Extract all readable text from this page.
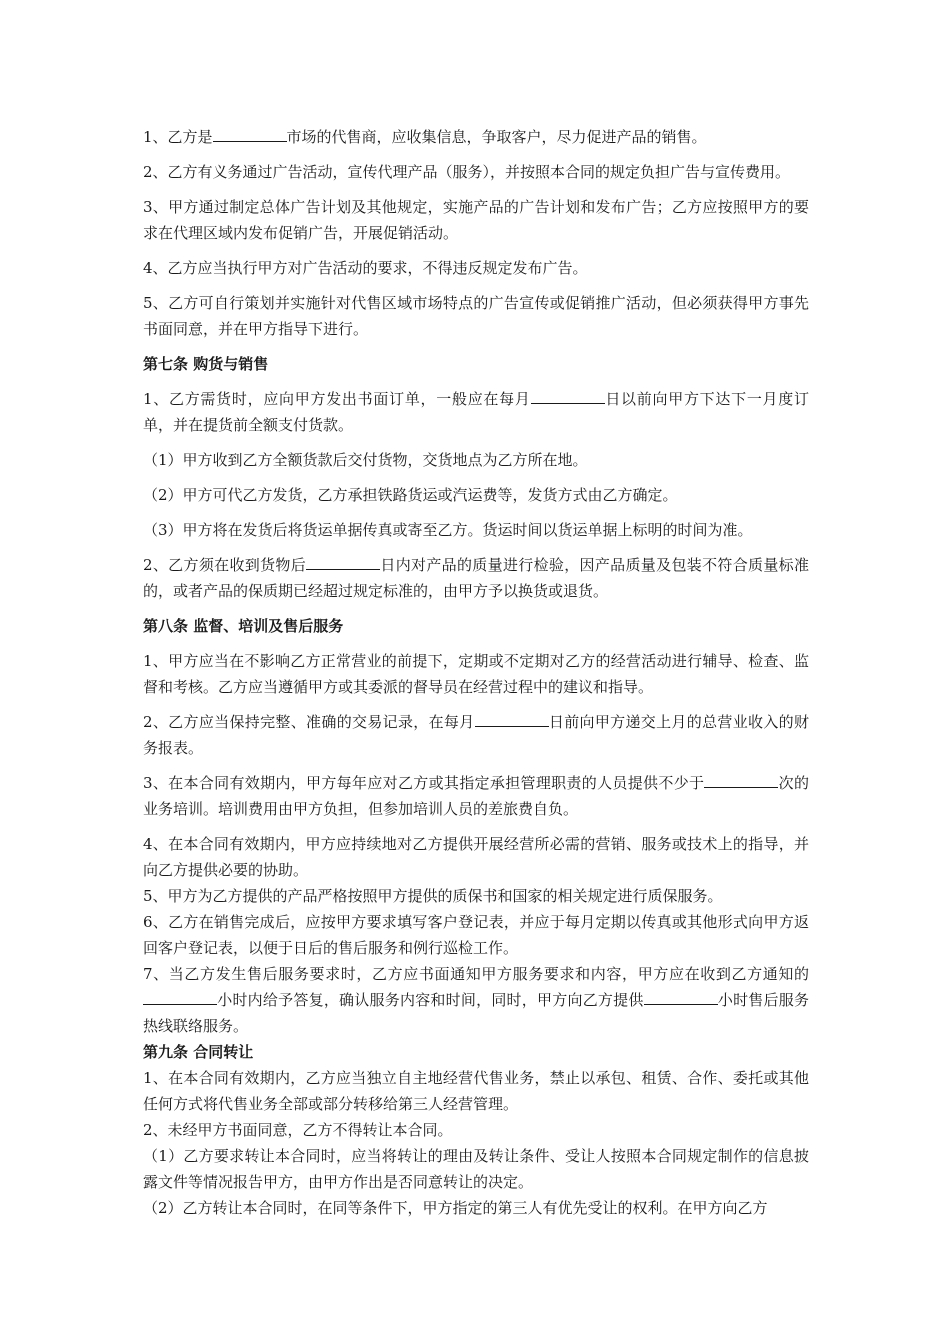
1、乙方是	市场的代售商，应收集信息，争取客户，尽力促进产品的销售。

2、乙方有义务通过广告活动，宣传代理产品（服务），并按照本合同的规定负担广告与宣传费用。

3、甲方通过制定总体广告计划及其他规定，实施产品的广告计划和发布广告；乙方应按照甲方的要求在代理区域内发布促销广告，开展促销活动。

4、乙方应当执行甲方对广告活动的要求，不得违反规定发布广告。

5、乙方可自行策划并实施针对代售区域市场特点的广告宣传或促销推广活动，但必须获得甲方事先书面同意，并在甲方指导下进行。

第七条 购货与销售

1、乙方需货时，应向甲方发出书面订单，一般应在每月	日以前向甲方下达下一月度订单，并在提货前全额支付货款。

（1）甲方收到乙方全额货款后交付货物，交货地点为乙方所在地。

（2）甲方可代乙方发货，乙方承担铁路货运或汽运费等，发货方式由乙方确定。

（3）甲方将在发货后将货运单据传真或寄至乙方。货运时间以货运单据上标明的时间为准。

2、乙方须在收到货物后	日内对产品的质量进行检验，因产品质量及包装不符合质量标准的，或者产品的保质期已经超过规定标准的，由甲方予以换货或退货。

第八条 监督、培训及售后服务

1、甲方应当在不影响乙方正常营业的前提下，定期或不定期对乙方的经营活动进行辅导、检查、监督和考核。乙方应当遵循甲方或其委派的督导员在经营过程中的建议和指导。

2、乙方应当保持完整、准确的交易记录，在每月	日前向甲方递交上月的总营业收入的财务报表。

3、在本合同有效期内，甲方每年应对乙方或其指定承担管理职责的人员提供不少于	次的业务培训。培训费用由甲方负担，但参加培训人员的差旅费自负。

4、在本合同有效期内，甲方应持续地对乙方提供开展经营所必需的营销、服务或技术上的指导，并向乙方提供必要的协助。

5、甲方为乙方提供的产品严格按照甲方提供的质保书和国家的相关规定进行质保服务。

6、乙方在销售完成后，应按甲方要求填写客户登记表，并应于每月定期以传真或其他形式向甲方返回客户登记表，以便于日后的售后服务和例行巡检工作。

7、当乙方发生售后服务要求时，乙方应书面通知甲方服务要求和内容，甲方应在收到乙方通知的小时内给予答复，确认服务内容和时间，同时，甲方向乙方提供	小时售后服务热线联络服务。

第九条 合同转让

1、在本合同有效期内，乙方应当独立自主地经营代售业务，禁止以承包、租赁、合作、委托或其他任何方式将代售业务全部或部分转移给第三人经营管理。

2、未经甲方书面同意，乙方不得转让本合同。

（1）乙方要求转让本合同时，应当将转让的理由及转让条件、受让人按照本合同规定制作的信息披露文件等情况报告甲方，由甲方作出是否同意转让的决定。

（2）乙方转让本合同时，在同等条件下，甲方指定的第三人有优先受让的权利。在甲方向乙方
